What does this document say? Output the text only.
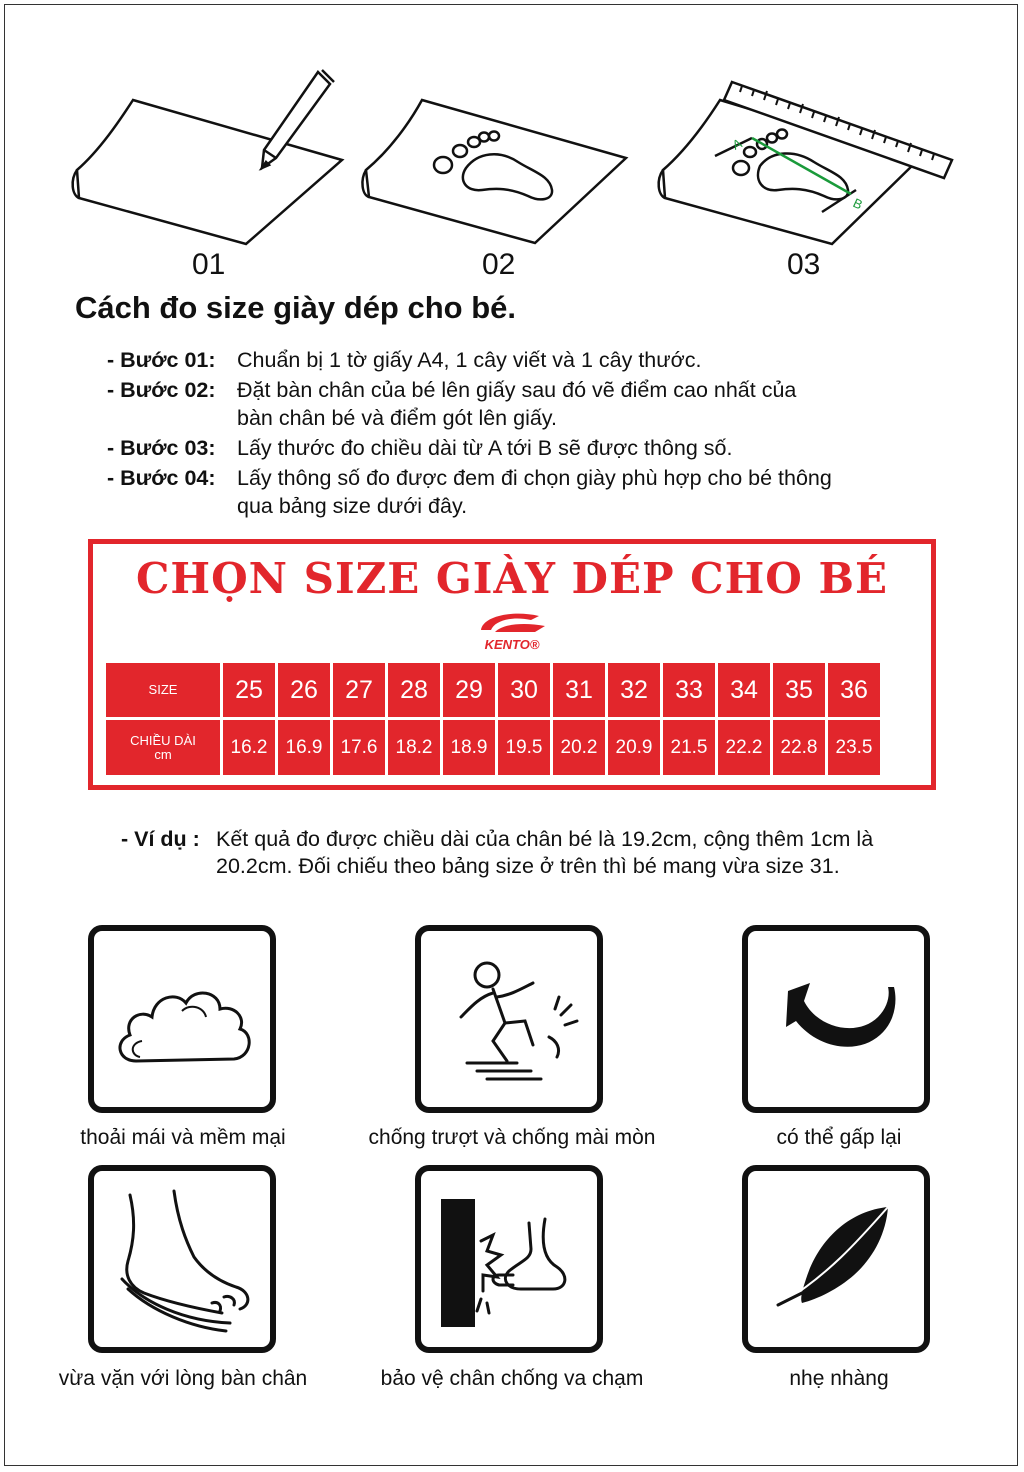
A
B
01	02	03
Cách đo size giày dép cho bé.
- Bước 01: Chuẩn bị 1 tờ giấy A4, 1 cây viết và 1 cây thước.
- Bước 02: Đặt bàn chân của bé lên giấy sau đó vẽ điểm cao nhất của bàn chân bé và điểm gót lên giấy.
- Bước 03: Lấy thước đo chiều dài từ A tới B sẽ được thông số.
- Bước 04: Lấy thông số đo được đem đi chọn giày phù hợp cho bé thông qua bảng size dưới đây.
CHỌN SIZE GIÀY DÉP CHO BÉ
KENTO®
SIZE	25	26	27	28	29	30	31	32	33	34	35	36

CHIỀU DÀI
cm	16.2	16.9	17.6	18.2	18.9	19.5	20.2	20.9	21.5	22.2	22.8	23.5
- Ví dụ : Kết quả đo được chiều dài của chân bé là 19.2cm, cộng thêm 1cm là 20.2cm. Đối chiếu theo bảng size ở trên thì bé mang vừa size 31.
thoải mái và mềm mại	chống trượt và chống mài mòn	có thể gấp lại
vừa vặn với lòng bàn chân	bảo vệ chân chống va chạm	nhẹ nhàng
